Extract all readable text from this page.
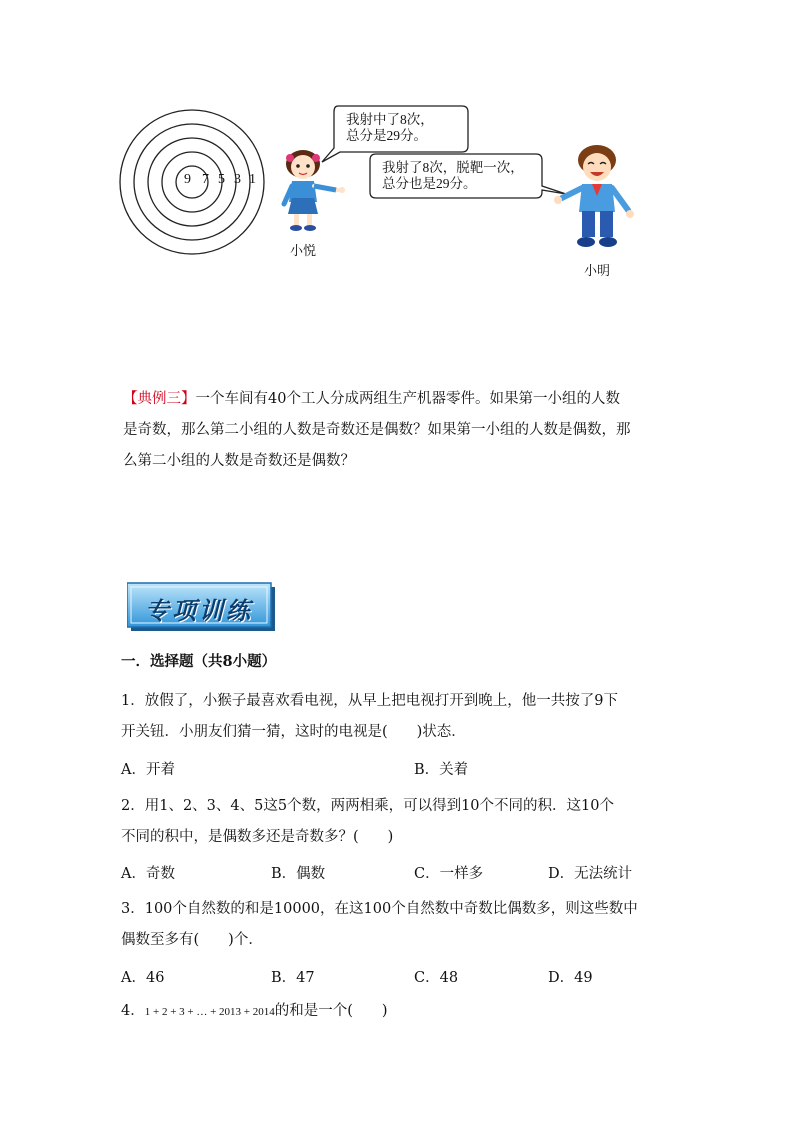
9 7 5 3 1
我射中了8次，
总分是29分。
我射了8次，脱靶一次，
总分也是29分。
小悦
小明
【典例三】一个车间有40个工人分成两组生产机器零件。如果第一小组的人数
是奇数，那么第二小组的人数是奇数还是偶数？如果第一小组的人数是偶数，那
么第二小组的人数是奇数还是偶数？
专项训练
一．选择题（共8小题）
1．放假了，小猴子最喜欢看电视，从早上把电视打开到晚上，他一共按了9下
开关钮．小朋友们猜一猜，这时的电视是(　　)状态．
A．开着	B．关着
2．用1、2、3、4、5这5个数，两两相乘，可以得到10个不同的积．这10个
不同的积中，是偶数多还是奇数多？(　　)
A．奇数	B．偶数	C．一样多	D．无法统计
3．100个自然数的和是10000，在这100个自然数中奇数比偶数多，则这些数中
偶数至多有(　　)个．
A．46	B．47	C．48	D．49
4．1 + 2 + 3 + … + 2013 + 2014的和是一个(　　)
